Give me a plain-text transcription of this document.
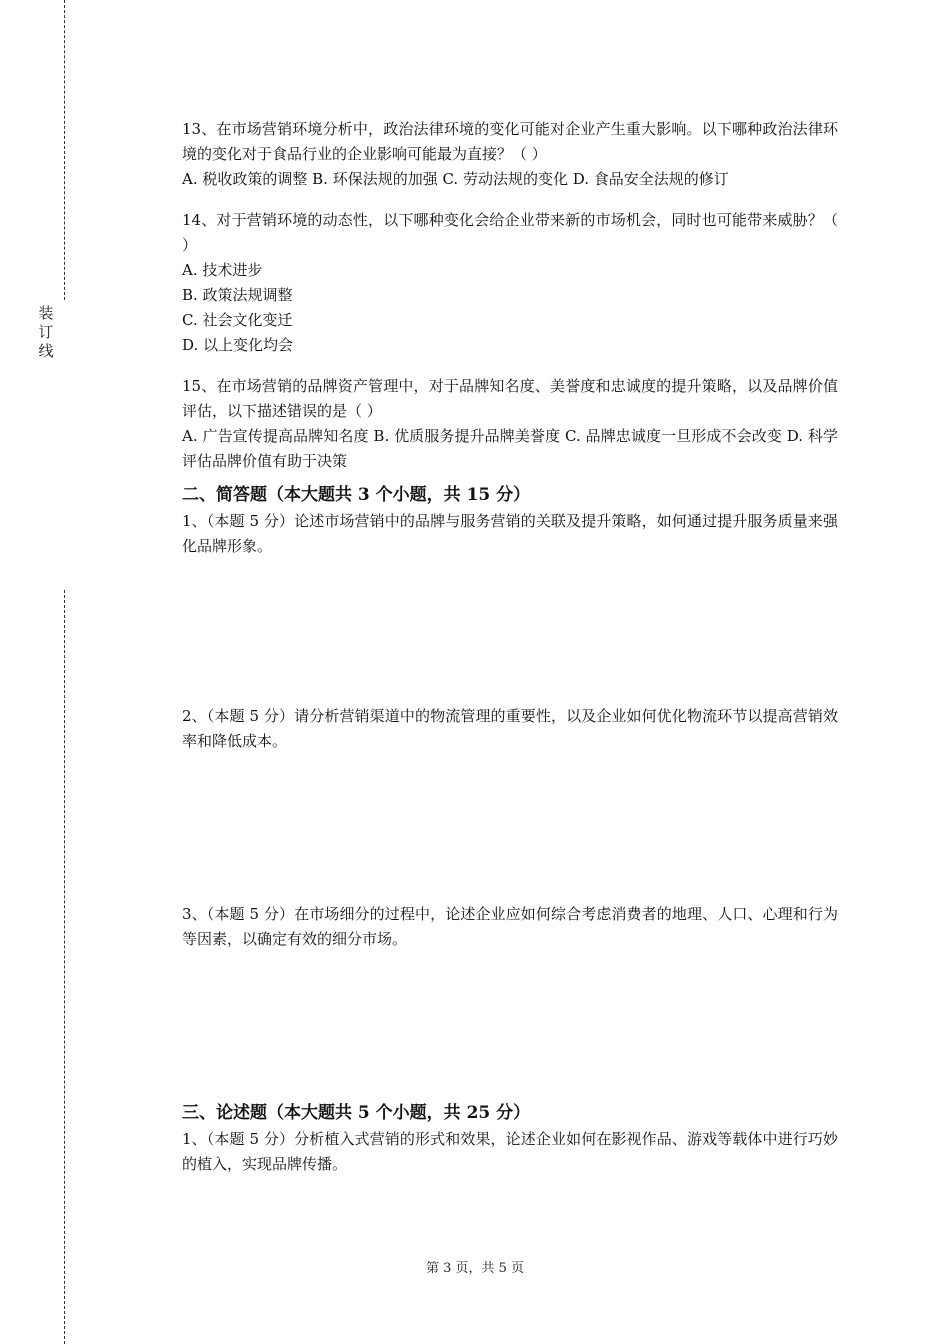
装
订
线

13、在市场营销环境分析中，政治法律环境的变化可能对企业产生重大影响。以下哪种政治法律环境的变化对于食品行业的企业影响可能最为直接？（ ）

A. 税收政策的调整 B. 环保法规的加强 C. 劳动法规的变化 D. 食品安全法规的修订

14、对于营销环境的动态性，以下哪种变化会给企业带来新的市场机会，同时也可能带来威胁？（ ）

A. 技术进步

B. 政策法规调整

C. 社会文化变迁

D. 以上变化均会

15、在市场营销的品牌资产管理中，对于品牌知名度、美誉度和忠诚度的提升策略，以及品牌价值评估，以下描述错误的是（ ）

A. 广告宣传提高品牌知名度 B. 优质服务提升品牌美誉度 C. 品牌忠诚度一旦形成不会改变 D. 科学评估品牌价值有助于决策

二、简答题（本大题共 3 个小题，共 15 分）

1、（本题 5 分）论述市场营销中的品牌与服务营销的关联及提升策略，如何通过提升服务质量来强化品牌形象。

2、（本题 5 分）请分析营销渠道中的物流管理的重要性，以及企业如何优化物流环节以提高营销效率和降低成本。

3、（本题 5 分）在市场细分的过程中，论述企业应如何综合考虑消费者的地理、人口、心理和行为等因素，以确定有效的细分市场。

三、论述题（本大题共 5 个小题，共 25 分）

1、（本题 5 分）分析植入式营销的形式和效果，论述企业如何在影视作品、游戏等载体中进行巧妙的植入，实现品牌传播。

第 3 页，共 5 页
